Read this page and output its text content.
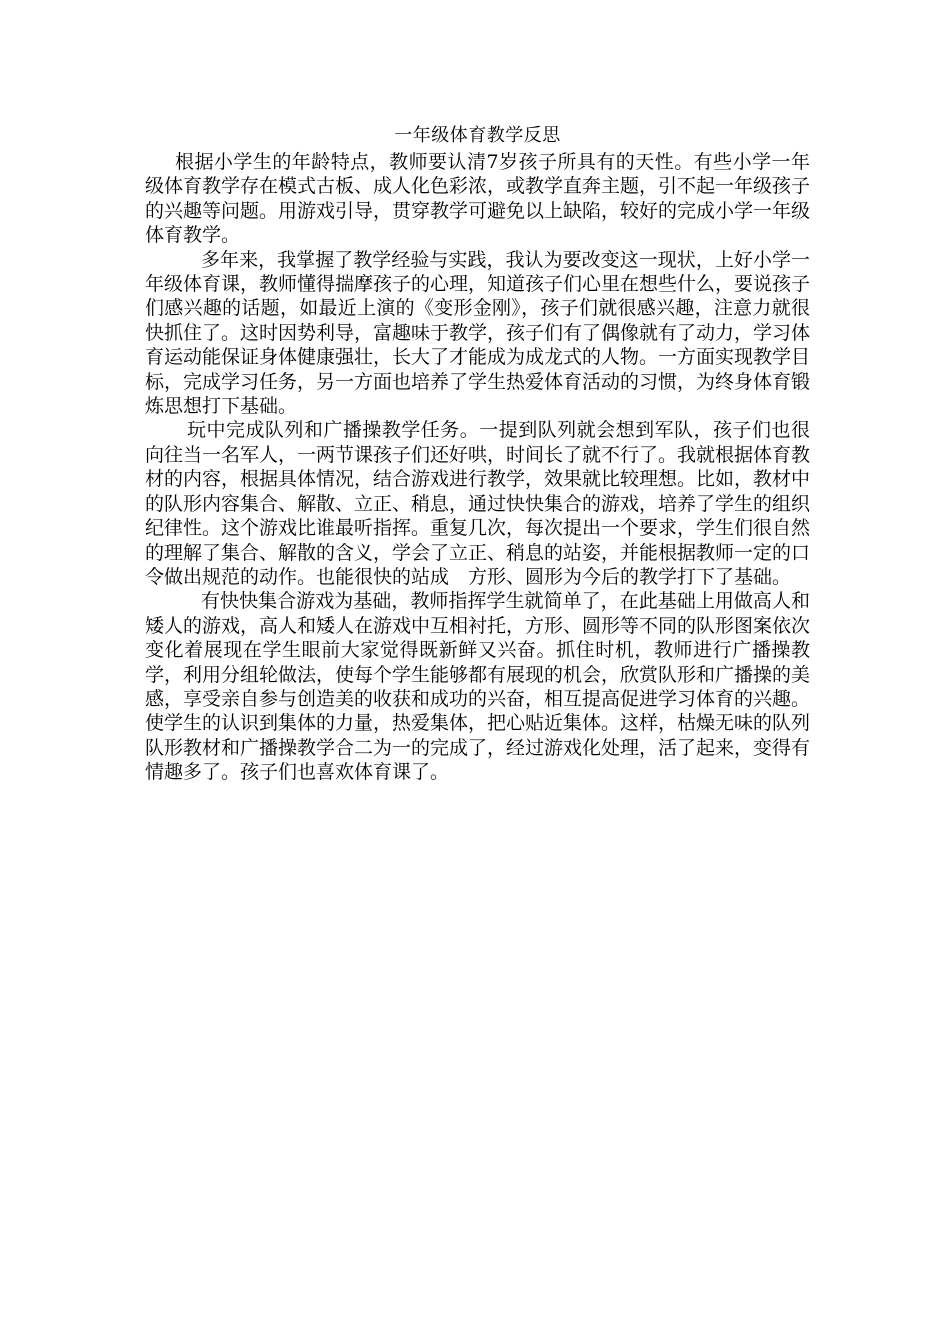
一年级体育教学反思

根据小学生的年龄特点，教师要认清7岁孩子所具有的天性。有些小学一年级体育教学存在模式古板、成人化色彩浓，或教学直奔主题，引不起一年级孩子的兴趣等问题。用游戏引导，贯穿教学可避免以上缺陷，较好的完成小学一年级体育教学。

多年来，我掌握了教学经验与实践，我认为要改变这一现状，上好小学一年级体育课，教师懂得揣摩孩子的心理，知道孩子们心里在想些什么，要说孩子们感兴趣的话题，如最近上演的《变形金刚》，孩子们就很感兴趣，注意力就很快抓住了。这时因势利导，富趣味于教学，孩子们有了偶像就有了动力，学习体育运动能保证身体健康强壮，长大了才能成为成龙式的人物。一方面实现教学目标，完成学习任务，另一方面也培养了学生热爱体育活动的习惯，为终身体育锻炼思想打下基础。

玩中完成队列和广播操教学任务。一提到队列就会想到军队，孩子们也很向往当一名军人，一两节课孩子们还好哄，时间长了就不行了。我就根据体育教材的内容，根据具体情况，结合游戏进行教学，效果就比较理想。比如，教材中的队形内容集合、解散、立正、稍息，通过快快集合的游戏，培养了学生的组织纪律性。这个游戏比谁最听指挥。重复几次，每次提出一个要求，学生们很自然的理解了集合、解散的含义，学会了立正、稍息的站姿，并能根据教师一定的口令做出规范的动作。也能很快的站成　方形、圆形为今后的教学打下了基础。

有快快集合游戏为基础，教师指挥学生就简单了，在此基础上用做高人和矮人的游戏，高人和矮人在游戏中互相衬托，方形、圆形等不同的队形图案依次变化着展现在学生眼前大家觉得既新鲜又兴奋。抓住时机，教师进行广播操教学，利用分组轮做法，使每个学生能够都有展现的机会，欣赏队形和广播操的美感，享受亲自参与创造美的收获和成功的兴奋，相互提高促进学习体育的兴趣。使学生的认识到集体的力量，热爱集体，把心贴近集体。这样，枯燥无味的队列队形教材和广播操教学合二为一的完成了，经过游戏化处理，活了起来，变得有情趣多了。孩子们也喜欢体育课了。
